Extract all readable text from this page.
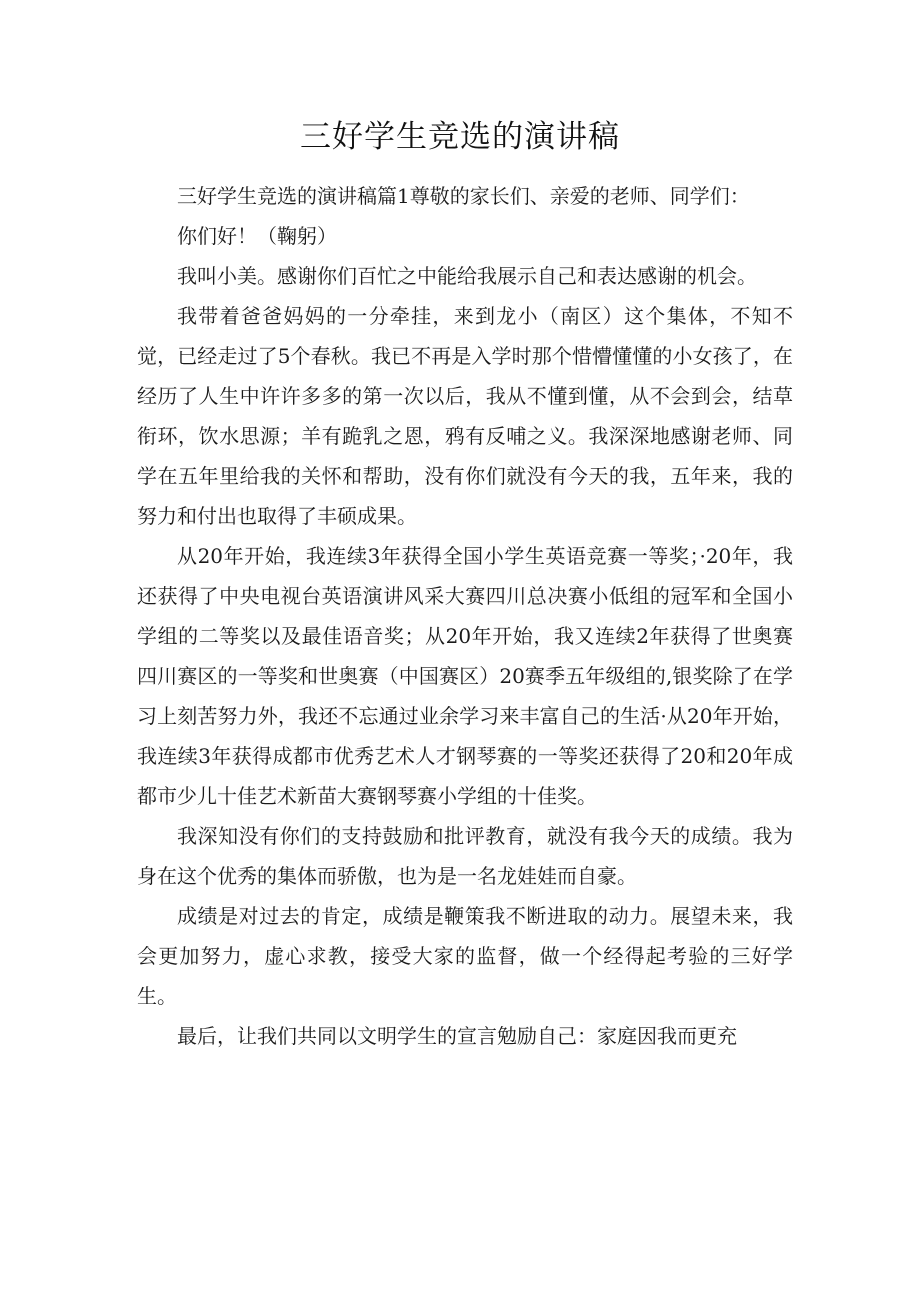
三好学生竞选的演讲稿

三好学生竞选的演讲稿篇1尊敬的家长们、亲爱的老师、同学们：

你们好！（鞠躬）

我叫小美。感谢你们百忙之中能给我展示自己和表达感谢的机会。

我带着爸爸妈妈的一分牵挂，来到龙小（南区）这个集体，不知不觉，已经走过了5个春秋。我已不再是入学时那个惜懵懂懂的小女孩了，在经历了人生中许许多多的第一次以后，我从不懂到懂，从不会到会，结草衔环，饮水思源；羊有跪乳之恩，鸦有反哺之义。我深深地感谢老师、同学在五年里给我的关怀和帮助，没有你们就没有今天的我，五年来，我的努力和付出也取得了丰硕成果。

从20年开始，我连续3年获得全国小学生英语竞赛一等奖；·20年，我还获得了中央电视台英语演讲风采大赛四川总决赛小低组的冠军和全国小学组的二等奖以及最佳语音奖；从20年开始，我又连续2年获得了世奥赛四川赛区的一等奖和世奥赛（中国赛区）20赛季五年级组的,银奖除了在学习上刻苦努力外，我还不忘通过业余学习来丰富自己的生活·从20年开始，我连续3年获得成都市优秀艺术人才钢琴赛的一等奖还获得了20和20年成都市少儿十佳艺术新苗大赛钢琴赛小学组的十佳奖。

我深知没有你们的支持鼓励和批评教育，就没有我今天的成绩。我为身在这个优秀的集体而骄傲，也为是一名龙娃娃而自豪。

成绩是对过去的肯定，成绩是鞭策我不断进取的动力。展望未来，我会更加努力，虚心求教，接受大家的监督，做一个经得起考验的三好学生。

最后，让我们共同以文明学生的宣言勉励自己：家庭因我而更充
